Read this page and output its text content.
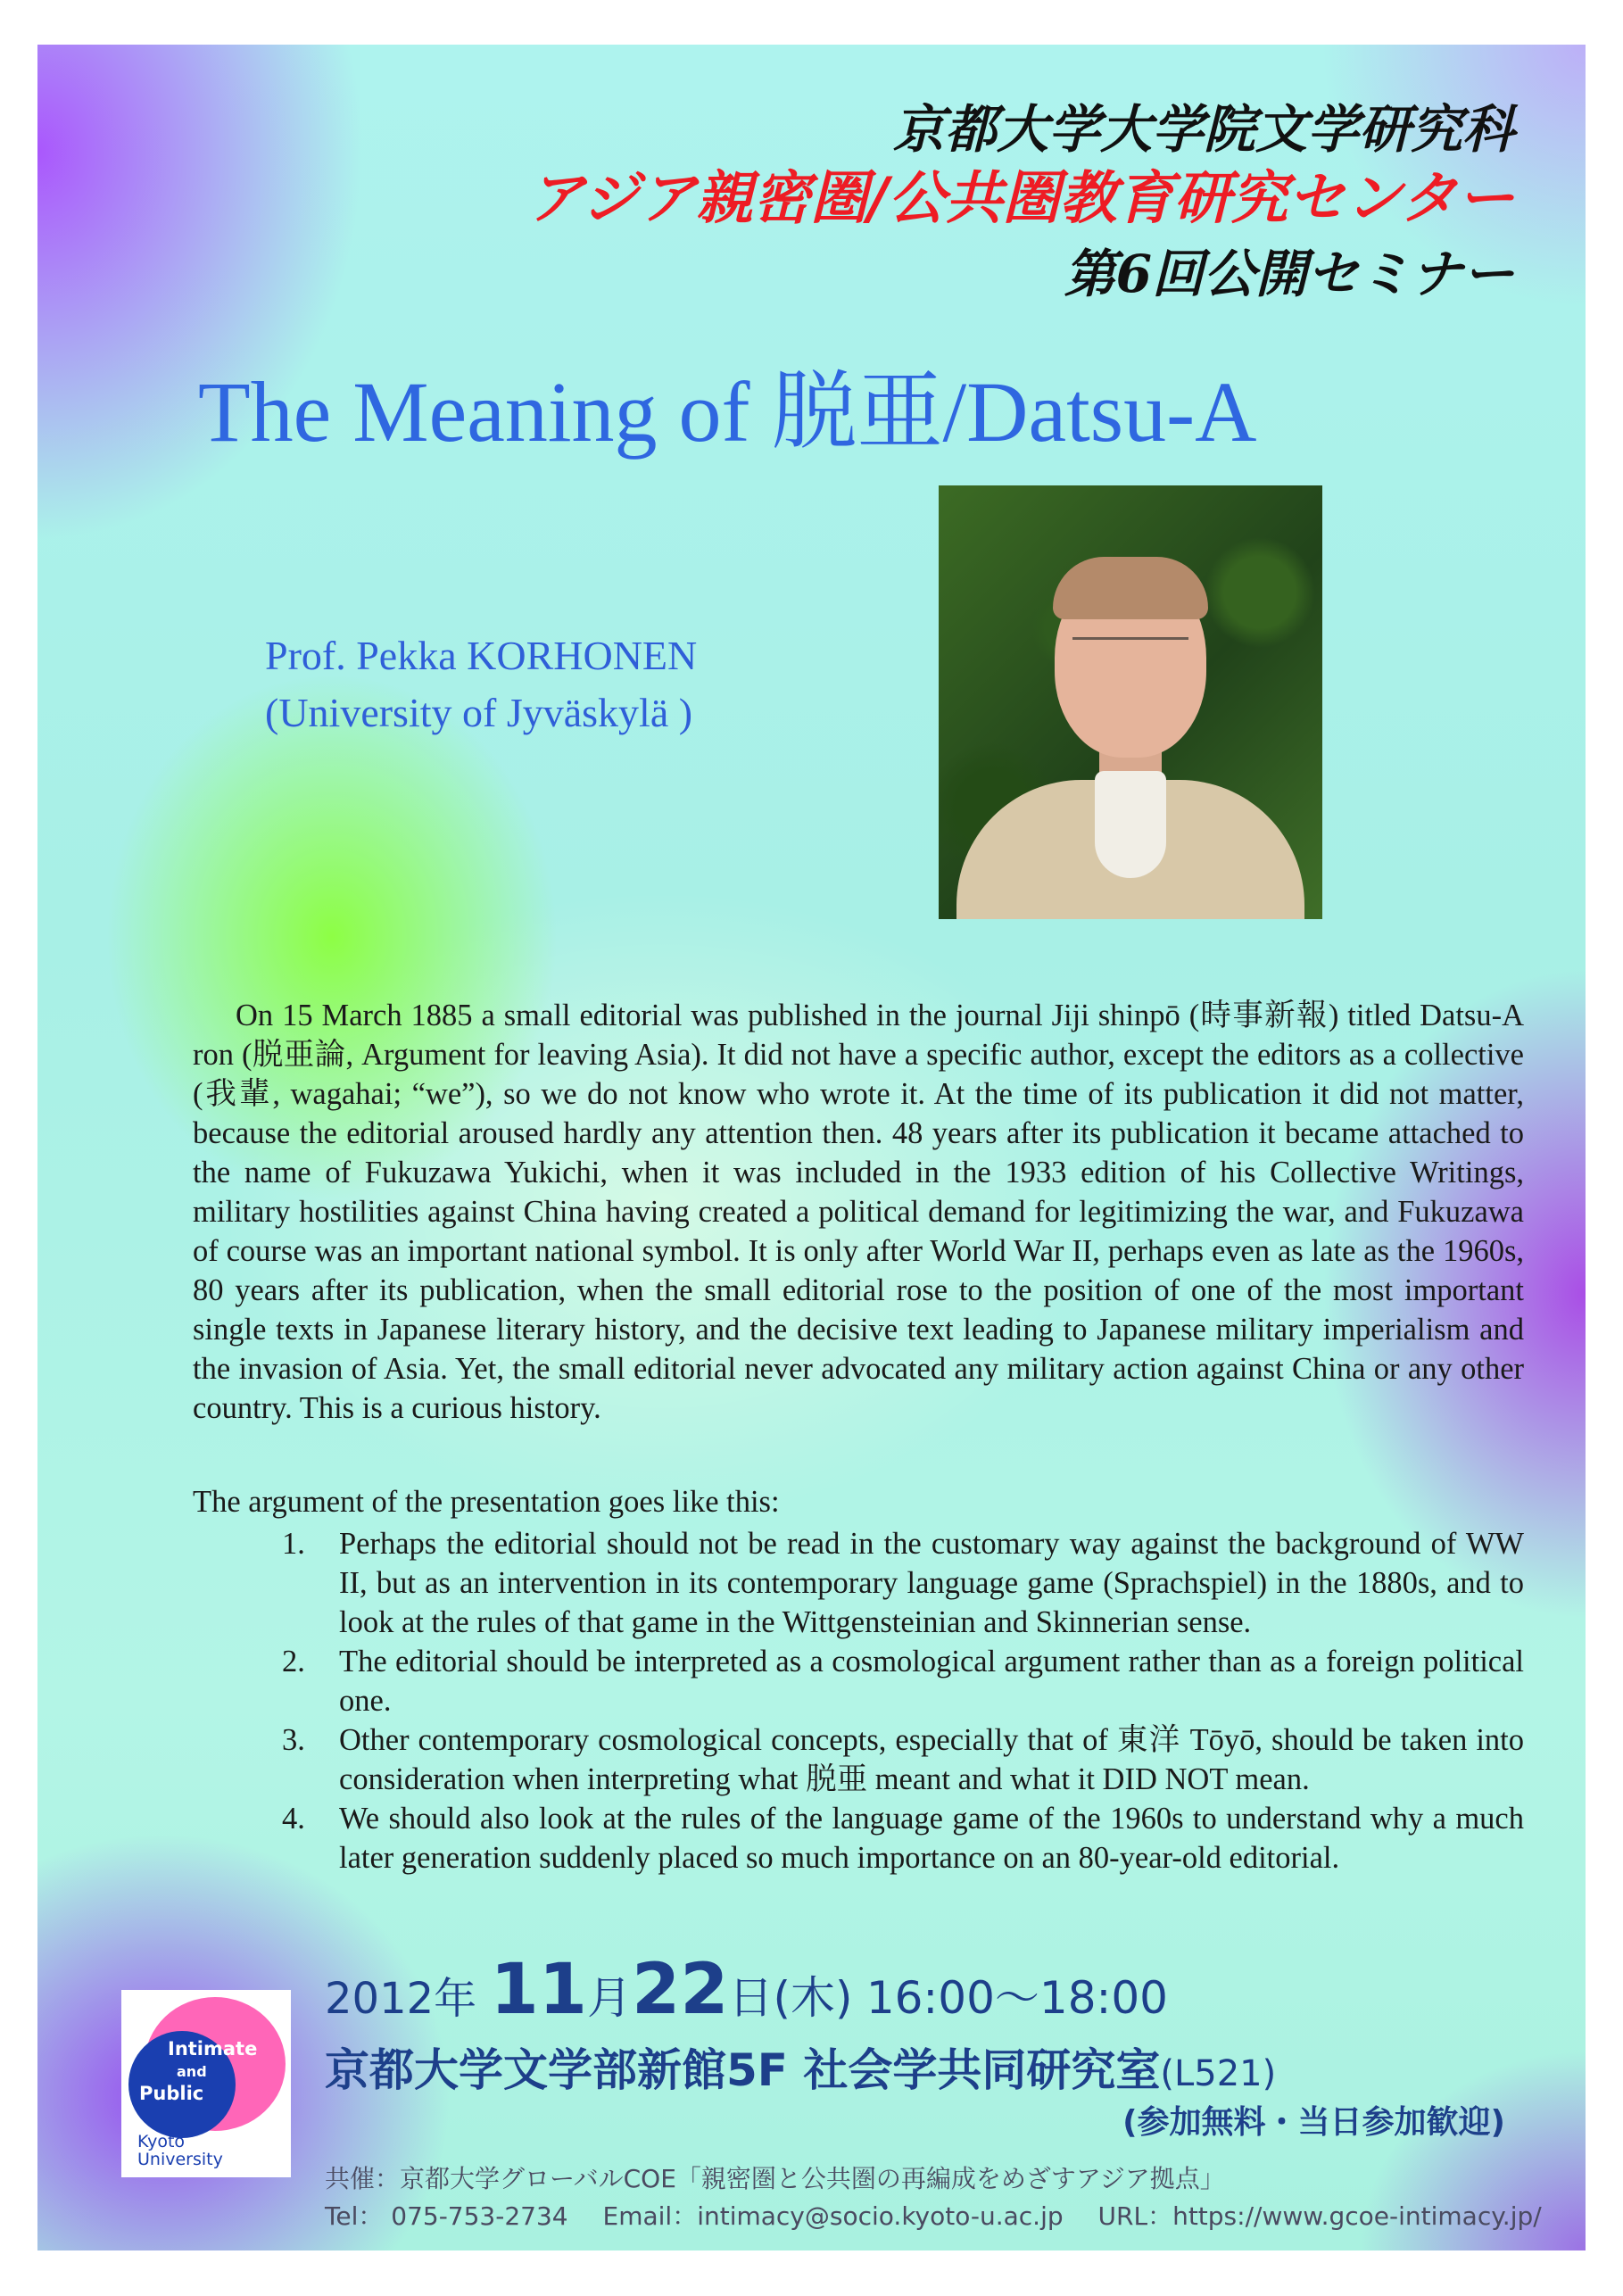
京都大学大学院文学研究科
アジア親密圏/公共圏教育研究センター
第6回公開セミナー
The Meaning of 脱亜/Datsu-A
Prof. Pekka KORHONEN
(University of Jyväskylä )

On 15 March 1885 a small editorial was published in the journal Jiji shinpō (時事新報) titled Datsu-A ron (脱亜論, Argument for leaving Asia). It did not have a specific author, except the editors as a collective (我輩, wagahai; “we”), so we do not know who wrote it. At the time of its publication it did not matter, because the editorial aroused hardly any attention then. 48 years after its publication it became attached to the name of Fukuzawa Yukichi, when it was included in the 1933 edition of his Collective Writings, military hostilities against China having created a political demand for legitimizing the war, and Fukuzawa of course was an important national symbol. It is only after World War II, perhaps even as late as the 1960s, 80 years after its publication, when the small editorial rose to the position of one of the most important single texts in Japanese literary history, and the decisive text leading to Japanese military imperialism and the invasion of Asia. Yet, the small editorial never advocated any military action against China or any other country. This is a curious history.

The argument of the presentation goes like this:
1. Perhaps the editorial should not be read in the customary way against the background of WW II, but as an intervention in its contemporary language game (Sprachspiel) in the 1880s, and to look at the rules of that game in the Wittgensteinian and Skinnerian sense.
2. The editorial should be interpreted as a cosmological argument rather than as a foreign political one.
3. Other contemporary cosmological concepts, especially that of 東洋 Tōyō, should be taken into consideration when interpreting what 脱亜 meant and what it DID NOT mean.
4. We should also look at the rules of the language game of the 1960s to understand why a much later generation suddenly placed so much importance on an 80-year-old editorial.
2012年 11月22日(木) 16:00〜18:00
京都大学文学部新館5F 社会学共同研究室(L521)
(参加無料・当日参加歓迎)
共催：京都大学グローバルCOE「親密圏と公共圏の再編成をめざすアジア拠点」
Tel： 075-753-2734 Email：intimacy@socio.kyoto-u.ac.jp URL：https://www.gcoe-intimacy.jp/
Intimate
and
Public
Kyoto
University
